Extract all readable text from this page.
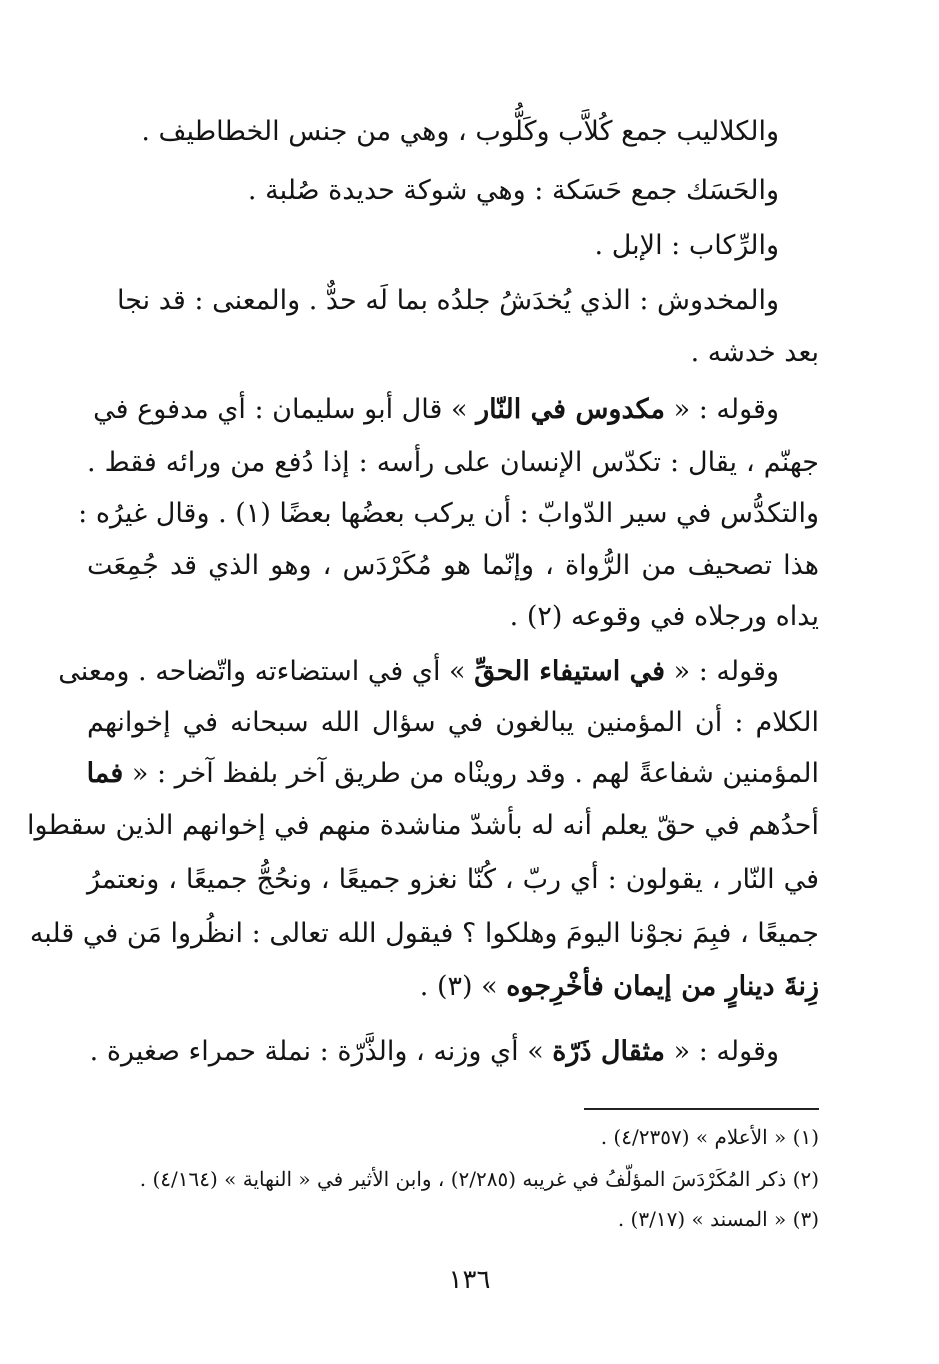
والكلاليب جمع كُلاَّب وكَلُّوب ، وهي من جنس الخطاطيف .
والحَسَك جمع حَسَكة : وهي شوكة حديدة صُلبة .
والرِّكاب : الإبل .
والمخدوش : الذي يُخدَشُ جلدُه بما لَه حدٌّ . والمعنى : قد نجا
بعد خدشه .
وقوله : « مكدوس في النّار » قال أبو سليمان : أي مدفوع في
جهنّم ، يقال : تكدّس الإنسان على رأسه : إذا دُفع من ورائه فقط .
والتكدُّس في سير الدّوابّ : أن يركب بعضُها بعضًا (١) . وقال غيرُه :
هذا تصحيف من الرُّواة ، وإنّما هو مُكَرْدَس ، وهو الذي قد جُمِعَت
يداه ورجلاه في وقوعه (٢) .
وقوله : « في استيفاء الحقِّ » أي في استضاءته واتّضاحه . ومعنى
الكلام : أن المؤمنين يبالغون في سؤال الله سبحانه في إخوانهم
المؤمنين شفاعةً لهم . وقد روينْاه من طريق آخر بلفظ آخر : « فما
أحدُهم في حقّ يعلم أنه له بأشدّ مناشدة منهم في إخوانهم الذين سقطوا
في النّار ، يقولون : أي ربّ ، كُنّا نغزو جميعًا ، ونحُجُّ جميعًا ، ونعتمرُ
جميعًا ، فبِمَ نجوْنا اليومَ وهلكوا ؟ فيقول الله تعالى : انظُروا مَن في قلبه
زِنةَ دينارٍ من إيمان فأخْرِجوه » (٣) .
وقوله : « مثقال ذَرّة » أي وزنه ، والذَّرّة : نملة حمراء صغيرة .
(١) « الأعلام » (٤/٢٣٥٧) .
(٢) ذكر المُكَرْدَسَ المؤلّفُ في غريبه (٢/٢٨٥) ، وابن الأثير في « النهاية » (٤/١٦٤) .
(٣) « المسند » (٣/١٧) .
١٣٦
